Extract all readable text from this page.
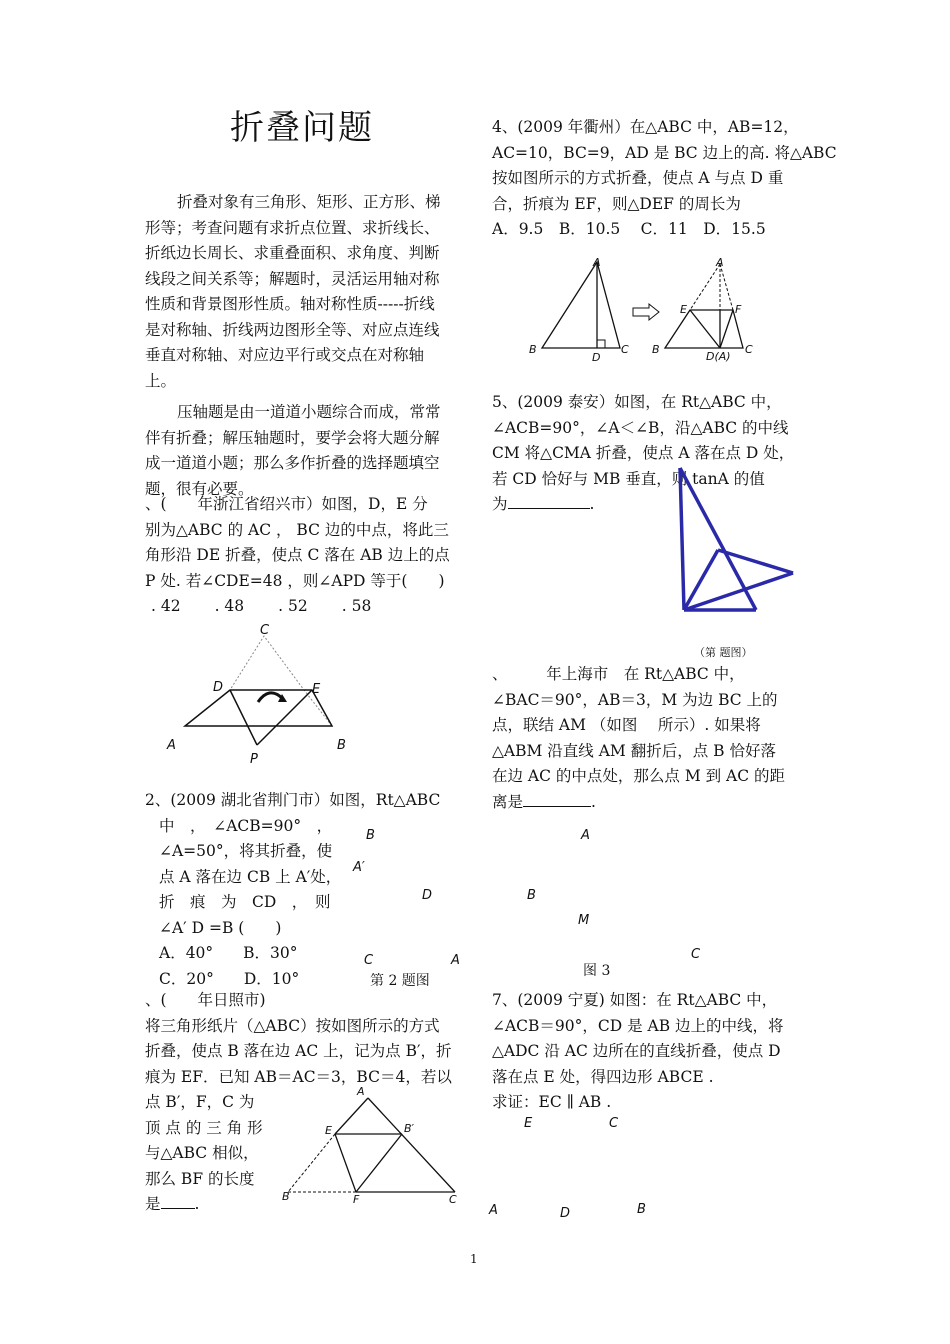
折叠问题
折叠对象有三角形、矩形、正方形、梯
形等；考查问题有求折点位置、求折线长、
折纸边长周长、求重叠面积、求角度、判断
线段之间关系等；解题时，灵活运用轴对称
性质和背景图形性质。轴对称性质-----折线
是对称轴、折线两边图形全等、对应点连线
垂直对称轴、对应边平行或交点在对称轴
上。
压轴题是由一道道小题综合而成，常常
伴有折叠；解压轴题时，要学会将大题分解
成一道道小题；那么多作折叠的选择题填空
题，很有必要。
、(　　年浙江省绍兴市）如图，D，E 分
别为△ABC 的 AC ， BC 边的中点，将此三
角形沿 DE 折叠，使点 C 落在 AB 边上的点
P 处. 若∠CDE=48 ，则∠APD 等于(　　)
. 42 . 48 . 52 . 58
C
D	E
A	B
P
2、(2009 湖北省荆门市）如图，Rt△ABC
中　，　∠ACB=90°　，
∠A=50°，将其折叠，使
点 A 落在边 CB 上 A′处，
折　痕　为　CD　，　则
∠A′ D =B (　　)
A．40° B．30°
C．20° D．10°
B
A′
D
C	A
第 2 题图
、(　　年日照市)
将三角形纸片（△ABC）按如图所示的方式
折叠，使点 B 落在边 AC 上，记为点 B′，折
痕为 EF．已知 AB＝AC＝3，BC＝4，若以
点 B′，F，C 为
顶 点 的 三 角 形
与△ABC 相似，
那么 BF 的长度
是 .
A
E	B′
B	F	C
4、(2009 年衢州）在△ABC 中，AB=12，
AC=10，BC=9，AD 是 BC 边上的高. 将△ABC
按如图所示的方式折叠，使点 A 与点 D 重
合，折痕为 EF，则△DEF 的周长为
A．9.5　B．10.5　 C．11　D．15.5
A
B
D
C
A
E	F
B
D(A)
C
5、(2009 泰安）如图，在 Rt△ABC 中，
∠ACB=90°，∠A＜∠B，沿△ABC 的中线
CM 将△CMA 折叠，使点 A 落在点 D 处，
若 CD 恰好与 MB 垂直，则 tanA 的值
为	.
（第 题图）
、　　　年上海市　在 Rt△ABC 中，
∠BAC＝90°，AB＝3，M 为边 BC 上的
点，联结 AM （如图　 所示）. 如果将
△ABM 沿直线 AM 翻折后，点 B 恰好落
在边 AC 的中点处，那么点 M 到 AC 的距
离是	.
A
B
M
C
图 3
7、(2009 宁夏) 如图：在 Rt△ABC 中，
∠ACB＝90°，CD 是 AB 边上的中线，将
△ADC 沿 AC 边所在的直线折叠，使点 D
落在点 E 处，得四边形 ABCE .
求证：EC ∥ AB .
E	C
A	D	B
1
